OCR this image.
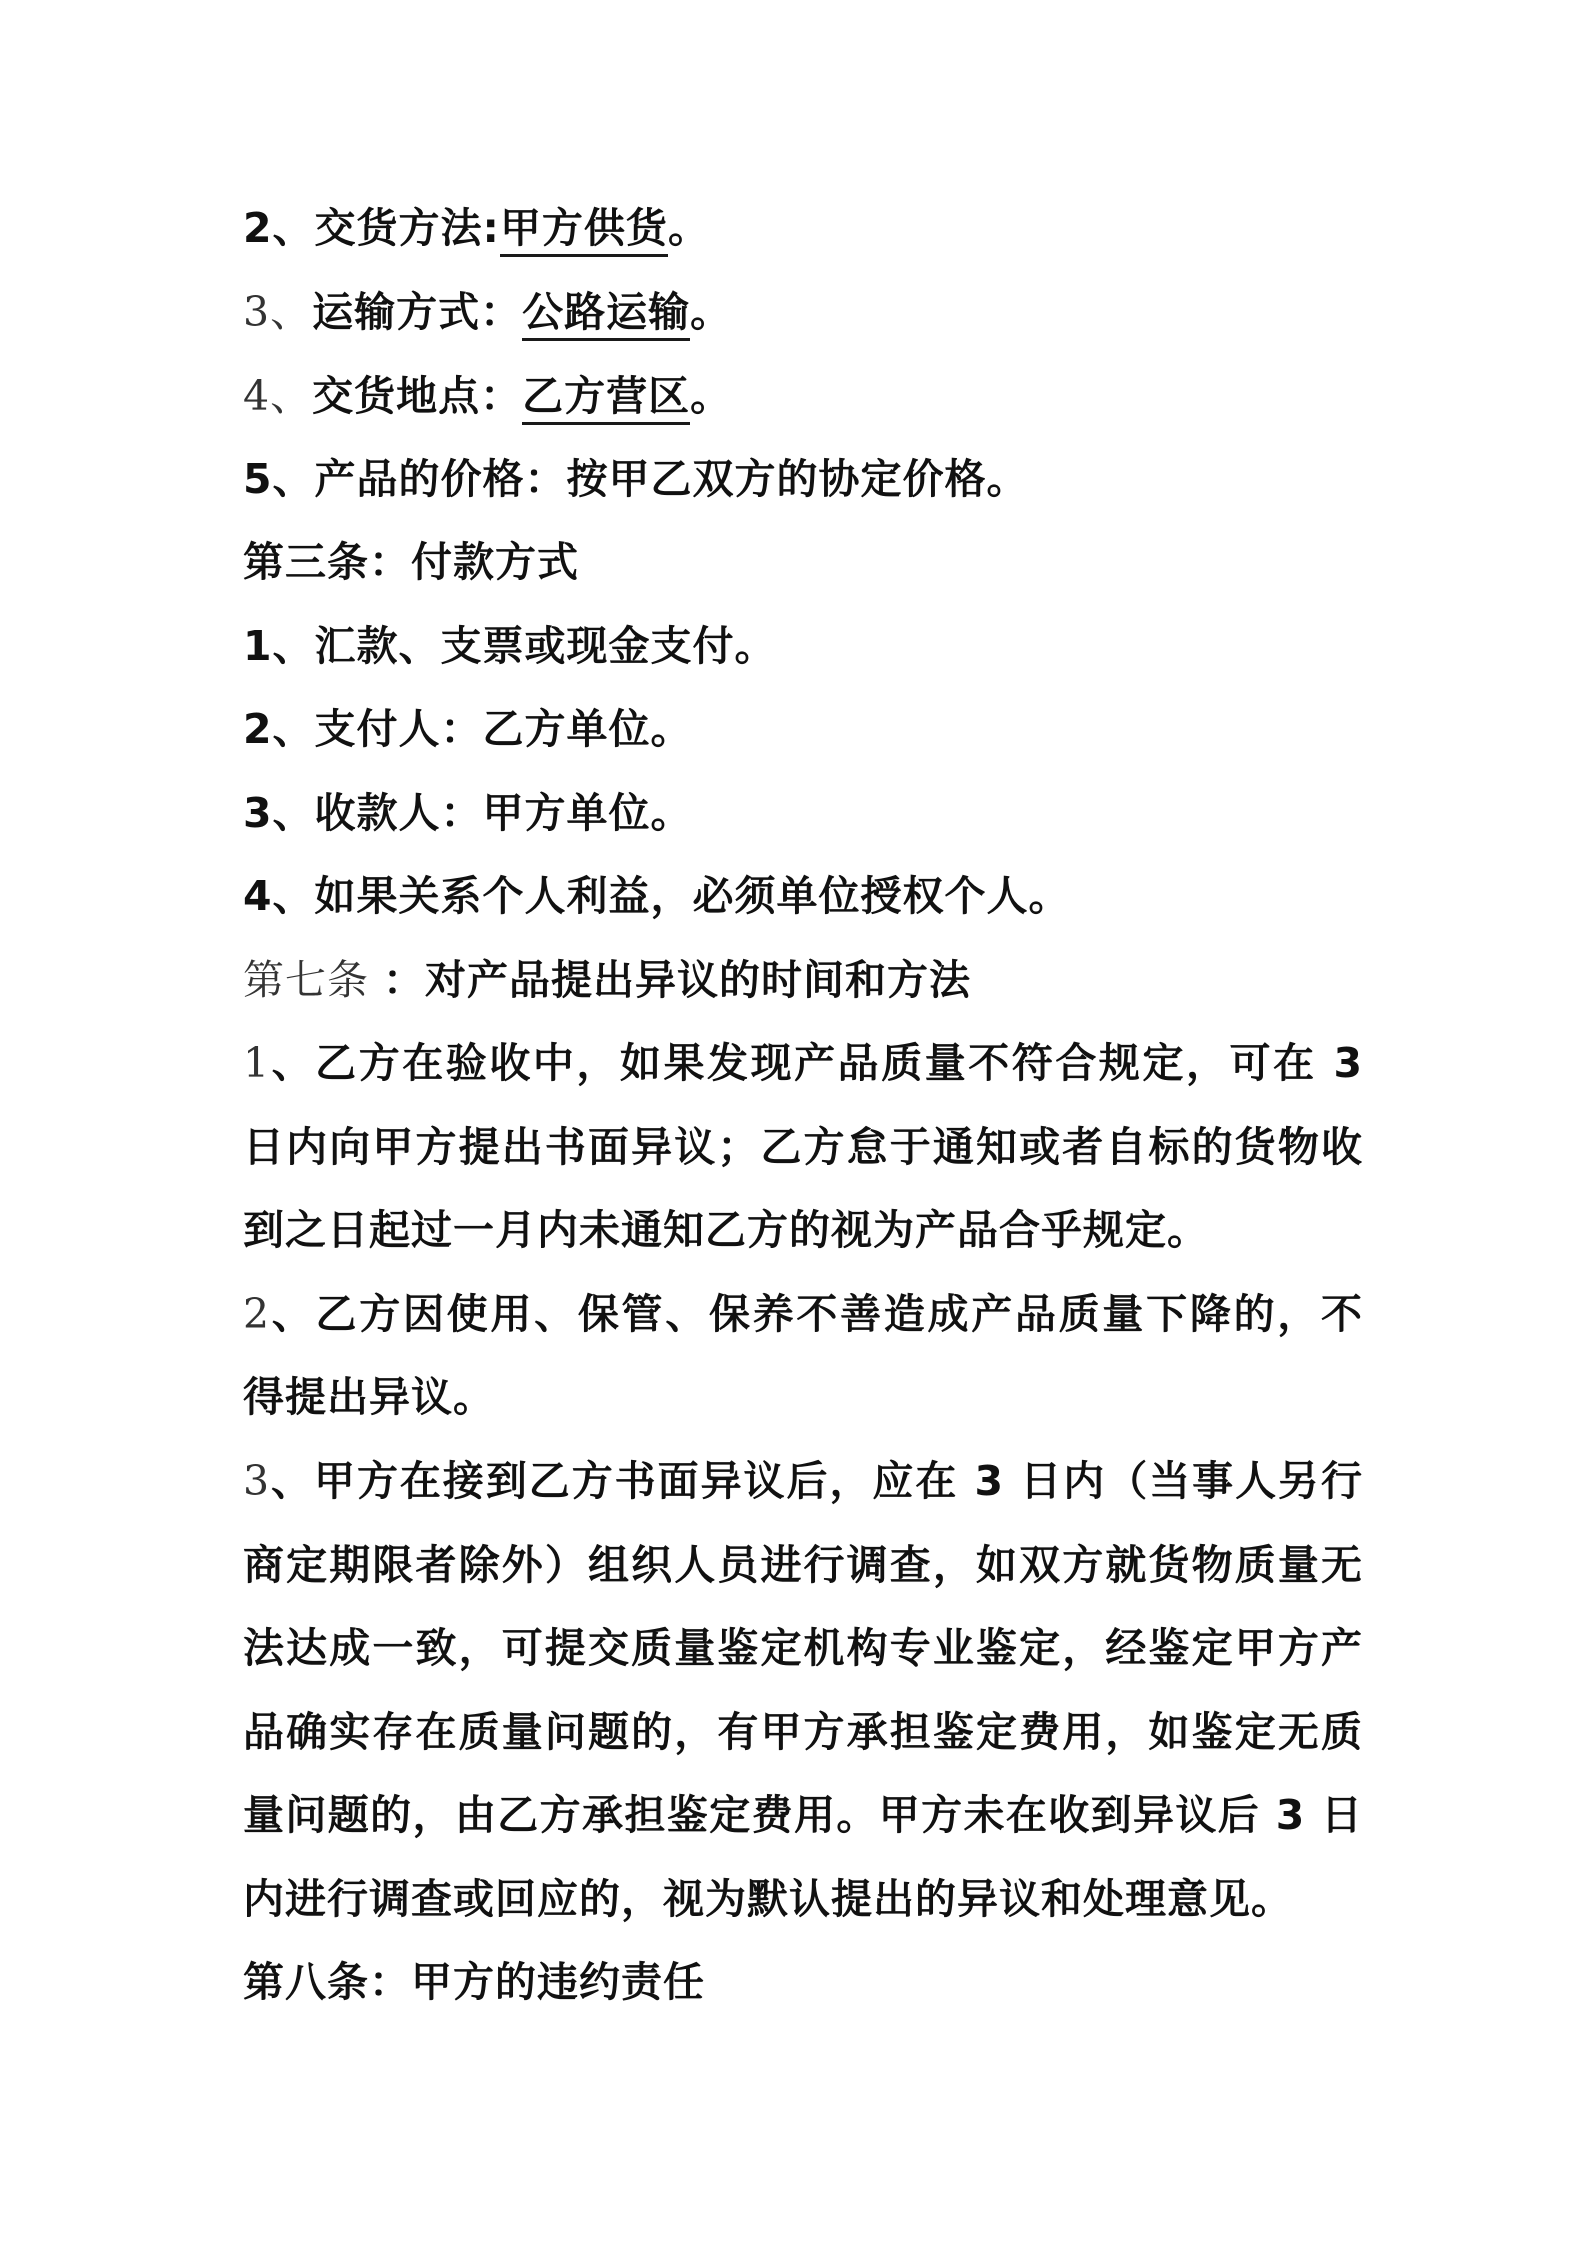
2、交货方法:甲方供货。
3、运输方式：公路运输。
4、交货地点：乙方营区。
5、产品的价格：按甲乙双方的协定价格。
第三条：付款方式
1、汇款、支票或现金支付。
2、支付人：乙方单位。
3、收款人：甲方单位。
4、如果关系个人利益，必须单位授权个人。
第七条 ：对产品提出异议的时间和方法
1、乙方在验收中，如果发现产品质量不符合规定，可在 3
日内向甲方提出书面异议；乙方怠于通知或者自标的货物收
到之日起过一月内未通知乙方的视为产品合乎规定。
2、乙方因使用、保管、保养不善造成产品质量下降的，不
得提出异议。
3、甲方在接到乙方书面异议后，应在 3 日内（当事人另行
商定期限者除外）组织人员进行调查，如双方就货物质量无
法达成一致，可提交质量鉴定机构专业鉴定，经鉴定甲方产
品确实存在质量问题的，有甲方承担鉴定费用，如鉴定无质
量问题的，由乙方承担鉴定费用。甲方未在收到异议后 3 日
内进行调查或回应的，视为默认提出的异议和处理意见。
第八条：甲方的违约责任
